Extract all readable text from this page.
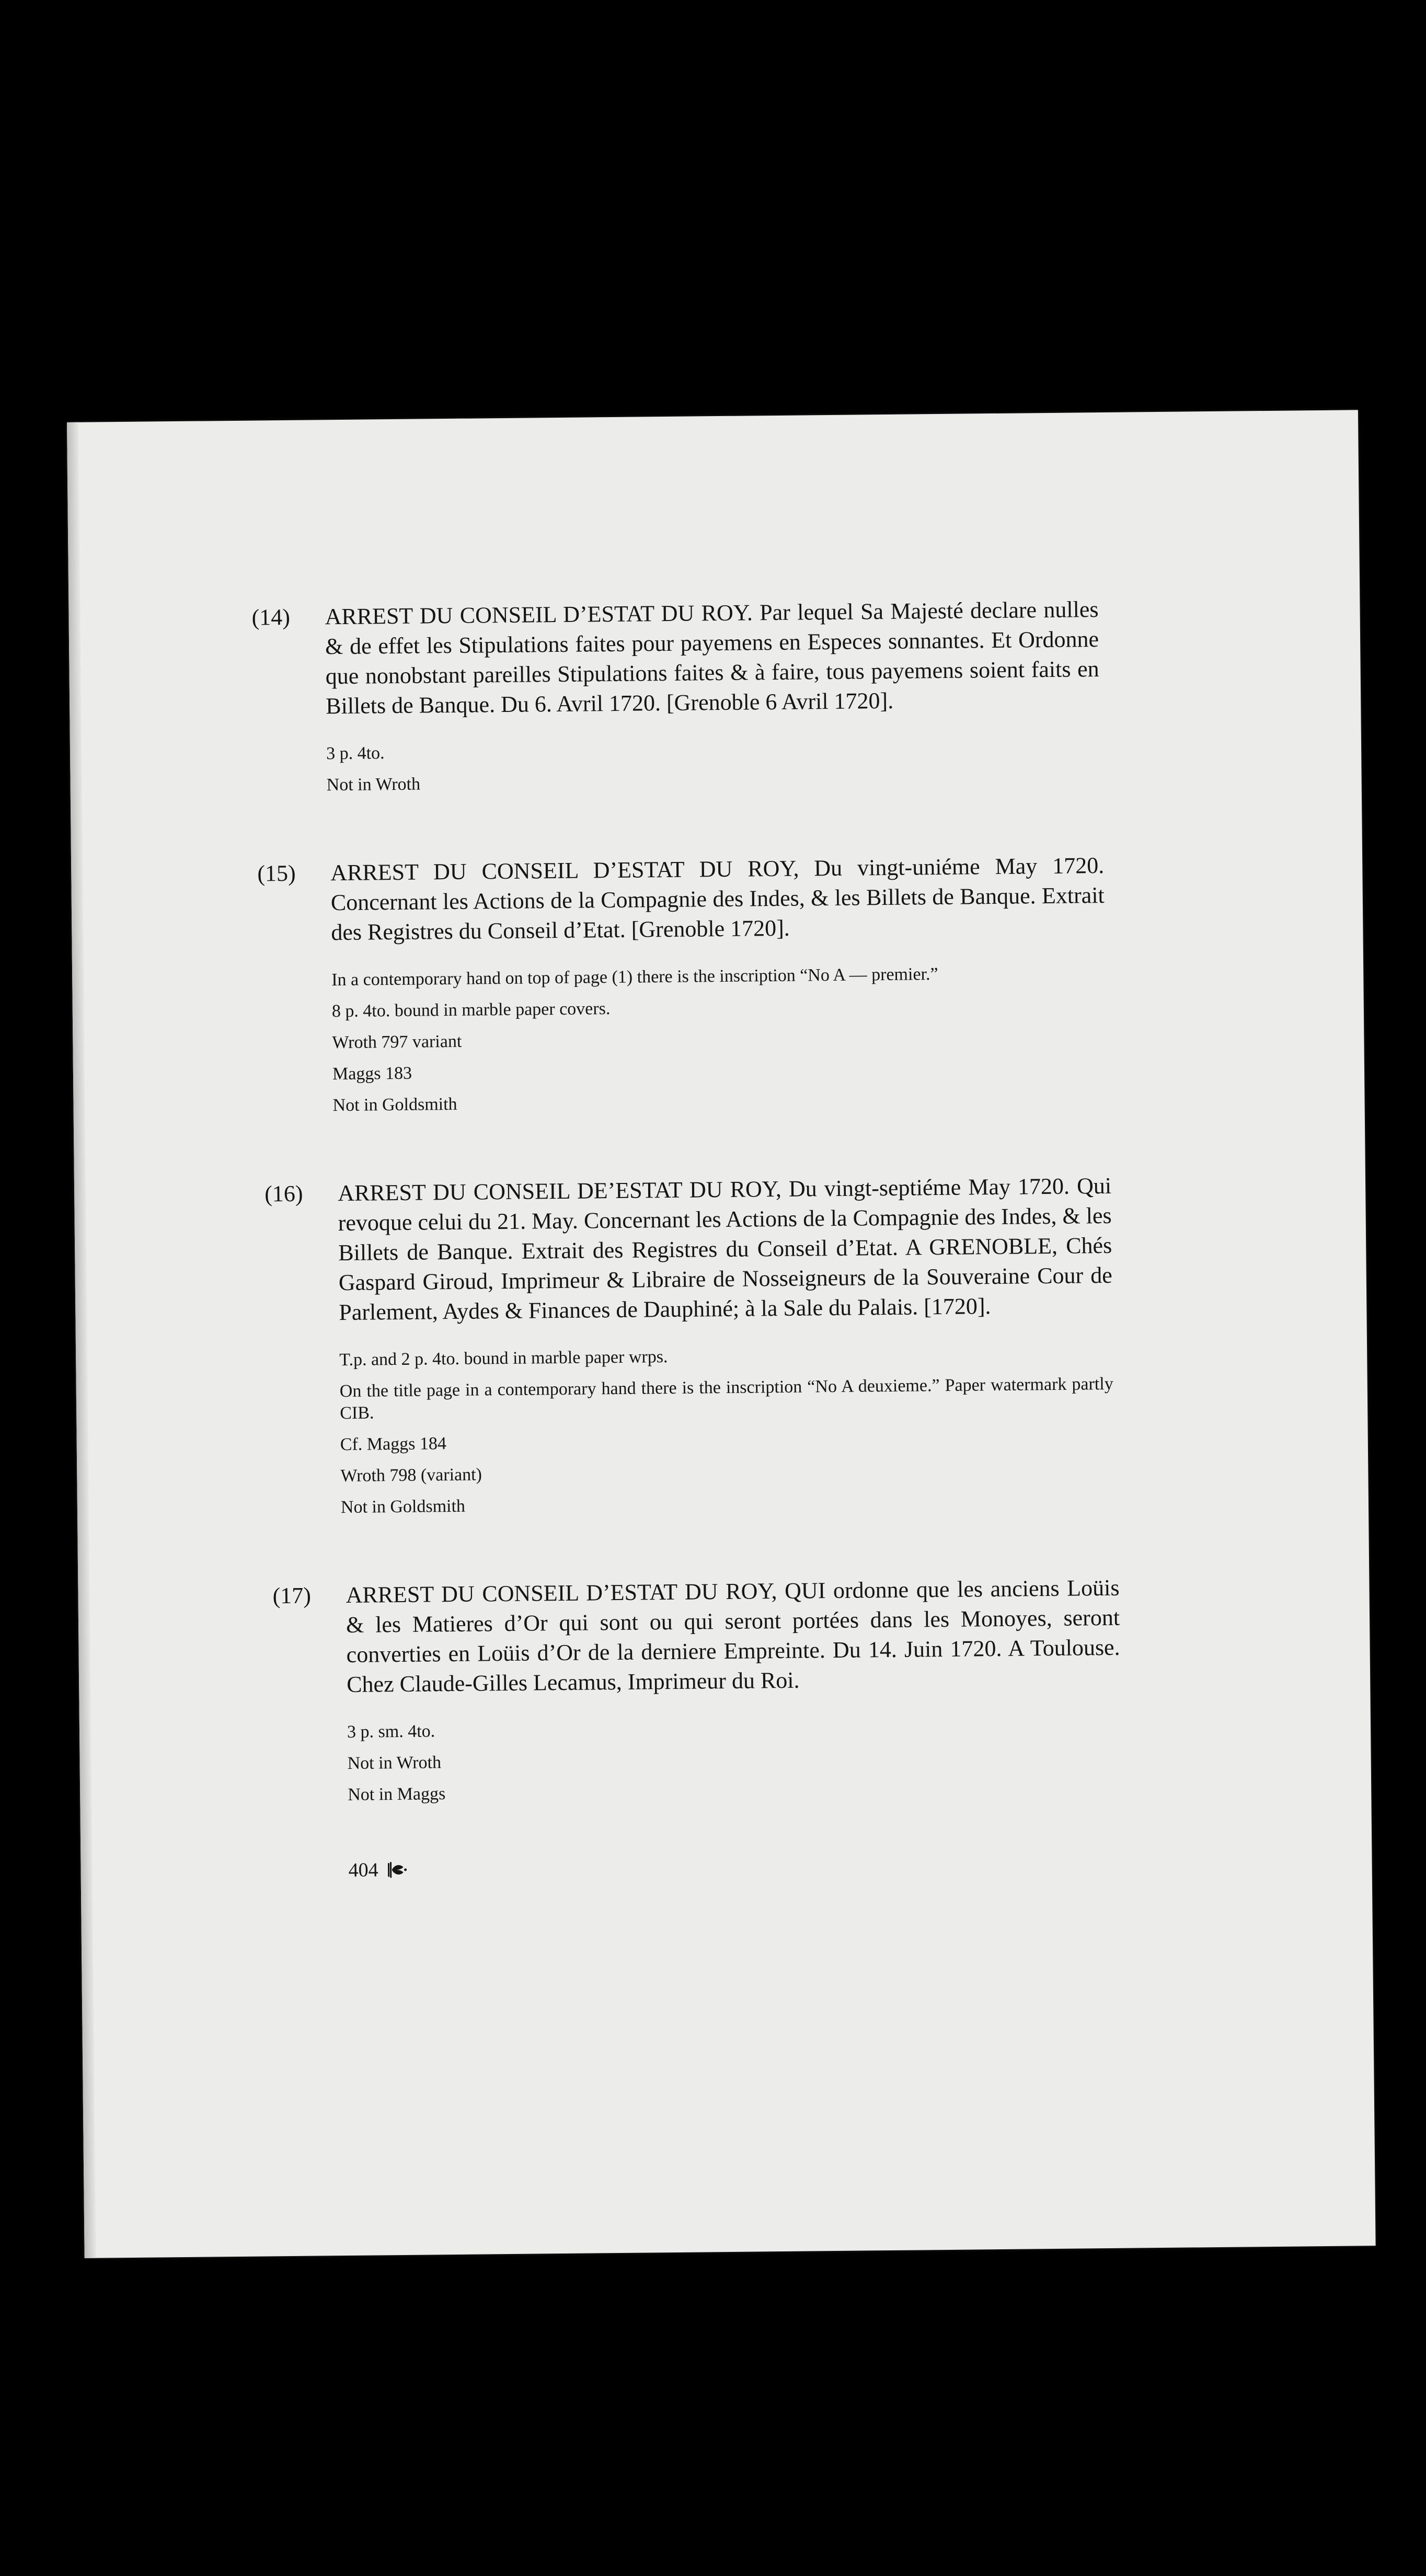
(14)	ARREST DU CONSEIL D’ESTAT DU ROY. Par lequel Sa Majesté declare nulles & de effet les Stipulations faites pour payemens en Especes sonnantes. Et Ordonne que nonobstant pareilles Stipulations faites & à faire, tous payemens soient faits en Billets de Banque. Du 6. Avril 1720. [Grenoble 6 Avril 1720].

3 p. 4to.

Not in Wroth

(15)	ARREST DU CONSEIL D’ESTAT DU ROY, Du vingt-uniéme May 1720. Concernant les Actions de la Compagnie des Indes, & les Billets de Banque. Extrait des Registres du Conseil d’Etat. [Grenoble 1720].

In a contemporary hand on top of page (1) there is the inscription “No A — premier.”

8 p. 4to. bound in marble paper covers.

Wroth 797 variant

Maggs 183

Not in Goldsmith

(16)	ARREST DU CONSEIL DE’ESTAT DU ROY, Du vingt-septiéme May 1720. Qui revoque celui du 21. May. Concernant les Actions de la Compagnie des Indes, & les Billets de Banque. Extrait des Registres du Conseil d’Etat. A GRENOBLE, Chés Gaspard Giroud, Imprimeur & Libraire de Nosseigneurs de la Souveraine Cour de Parlement, Aydes & Finances de Dauphiné; à la Sale du Palais. [1720].

T.p. and 2 p. 4to. bound in marble paper wrps.

On the title page in a contemporary hand there is the inscription “No A deuxieme.” Paper watermark partly CIB.

Cf. Maggs 184

Wroth 798 (variant)

Not in Goldsmith

(17)	ARREST DU CONSEIL D’ESTAT DU ROY, QUI ordonne que les anciens Loüis & les Matieres d’Or qui sont ou qui seront portées dans les Monoyes, seront converties en Loüis d’Or de la derniere Empreinte. Du 14. Juin 1720. A Toulouse. Chez Claude-Gilles Lecamus, Imprimeur du Roi.

3 p. sm. 4to.

Not in Wroth

Not in Maggs

404
